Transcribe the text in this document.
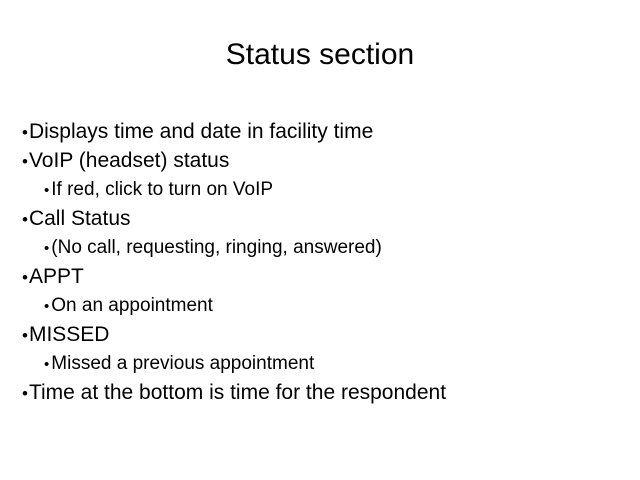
Status section
•Displays time and date in facility time
•VoIP (headset) status
• If red, click to turn on VoIP
•Call Status
• (No call, requesting, ringing, answered)
•APPT
• On an appointment
•MISSED
• Missed a previous appointment
•Time at the bottom is time for the respondent
